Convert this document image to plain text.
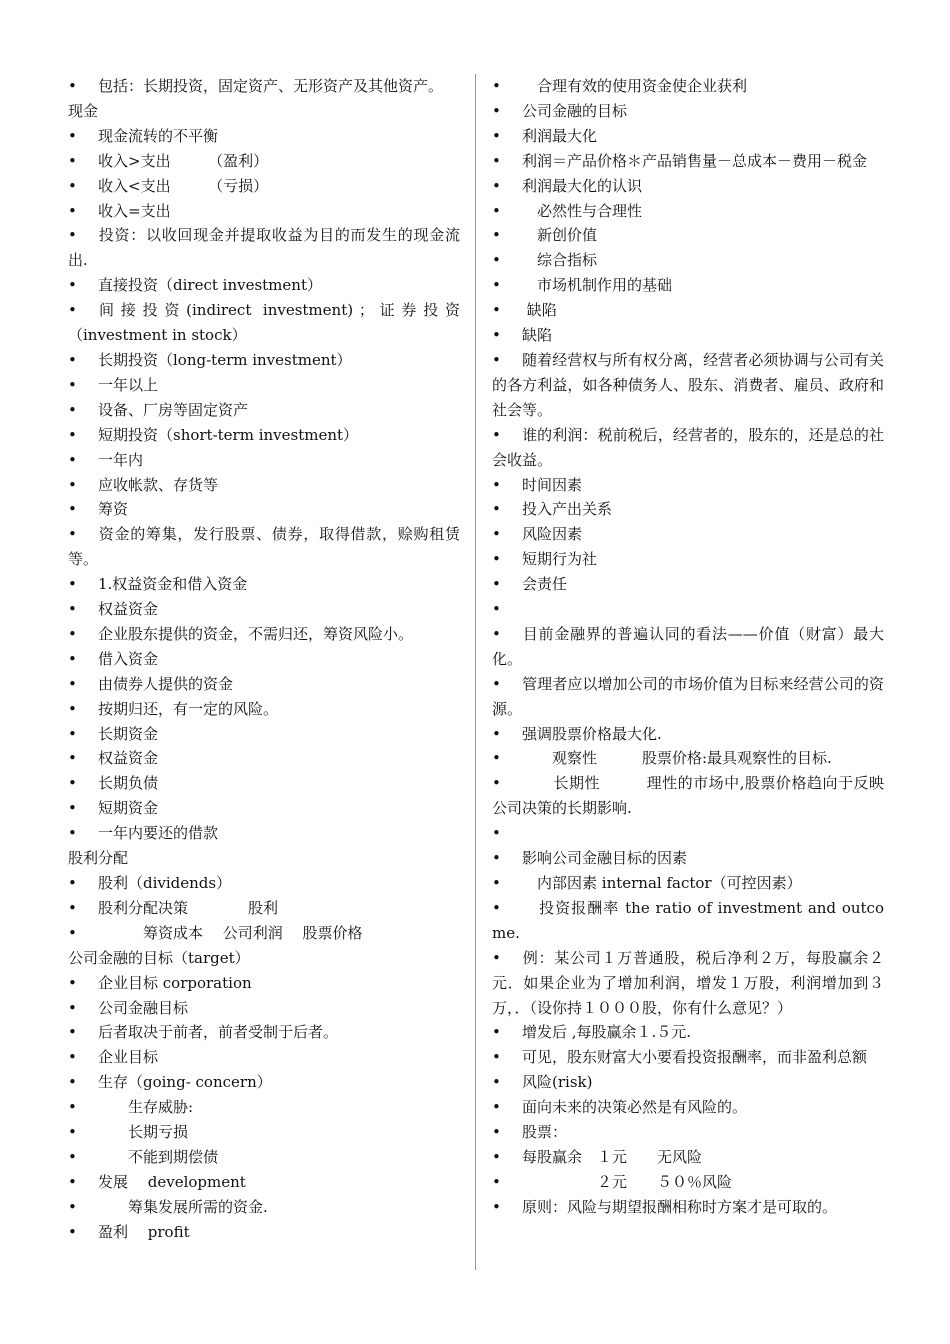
• 包括：长期投资，固定资产、无形资产及其他资产。
现金
• 现金流转的不平衡
• 收入>支出　　　（盈利）
• 收入<支出　　　（亏损）
• 收入=支出
• 投资：以收回现金并提取收益为目的而发生的现金流出.
• 直接投资（direct investment）
• 间 接 投 资 (indirect  investment) ； 证 券 投 资（investment in stock）
• 长期投资（long-term investment）
• 一年以上
• 设备、厂房等固定资产
• 短期投资（short-term investment）
• 一年内
• 应收帐款、存货等
• 筹资
• 资金的筹集，发行股票、债券，取得借款，赊购租赁等。
• 1.权益资金和借入资金
• 权益资金
• 企业股东提供的资金，不需归还，筹资风险小。
• 借入资金
• 由债券人提供的资金
• 按期归还，有一定的风险。
• 长期资金
• 权益资金
• 长期负债
• 短期资金
• 一年内要还的借款
股利分配
• 股利（dividends）
• 股利分配决策　　　　股利
•　　　筹资成本　 公司利润　 股票价格
公司金融的目标（target）
• 企业目标 corporation
• 公司金融目标
• 后者取决于前者，前者受制于后者。
• 企业目标
• 生存（going- concern）
•　　生存威胁:
•　　长期亏损
•　　不能到期偿债
• 发展　 development
•　　筹集发展所需的资金.
• 盈利　 profit
•　合理有效的使用资金使企业获利
• 公司金融的目标
• 利润最大化
• 利润＝产品价格＊产品销售量－总成本－费用－税金
• 利润最大化的认识
•　必然性与合理性
•　新创价值
•　综合指标
•　市场机制作用的基础
• 缺陷
• 缺陷
• 随着经营权与所有权分离，经营者必须协调与公司有关的各方利益，如各种债务人、股东、消费者、雇员、政府和社会等。
• 谁的利润：税前税后，经营者的，股东的，还是总的社会收益。
• 时间因素
• 投入产出关系
• 风险因素
• 短期行为社
• 会责任
•
• 目前金融界的普遍认同的看法——价值（财富）最大化。
• 管理者应以增加公司的市场价值为目标来经营公司的资源。
• 强调股票价格最大化.
•　　观察性　　　股票价格:最具观察性的目标.
•　　长期性　　　理性的市场中,股票价格趋向于反映公司决策的长期影响.
•
• 影响公司金融目标的因素
•　内部因素 internal factor（可控因素）
•　投资报酬率 the ratio of investment and outcome.
• 例：某公司１万普通股，税后净利２万，每股赢余２元．如果企业为了增加利润，增发１万股，利润增加到３万，．（设你持１０００股，你有什么意见？）
• 增发后 ,每股赢余１.５元.
• 可见，股东财富大小要看投资报酬率，而非盈利总额
• 风险(risk)
• 面向未来的决策必然是有风险的。
• 股票：
• 每股赢余　１元　　无风险
•　　　　　２元　　５０％风险
• 原则：风险与期望报酬相称时方案才是可取的。
